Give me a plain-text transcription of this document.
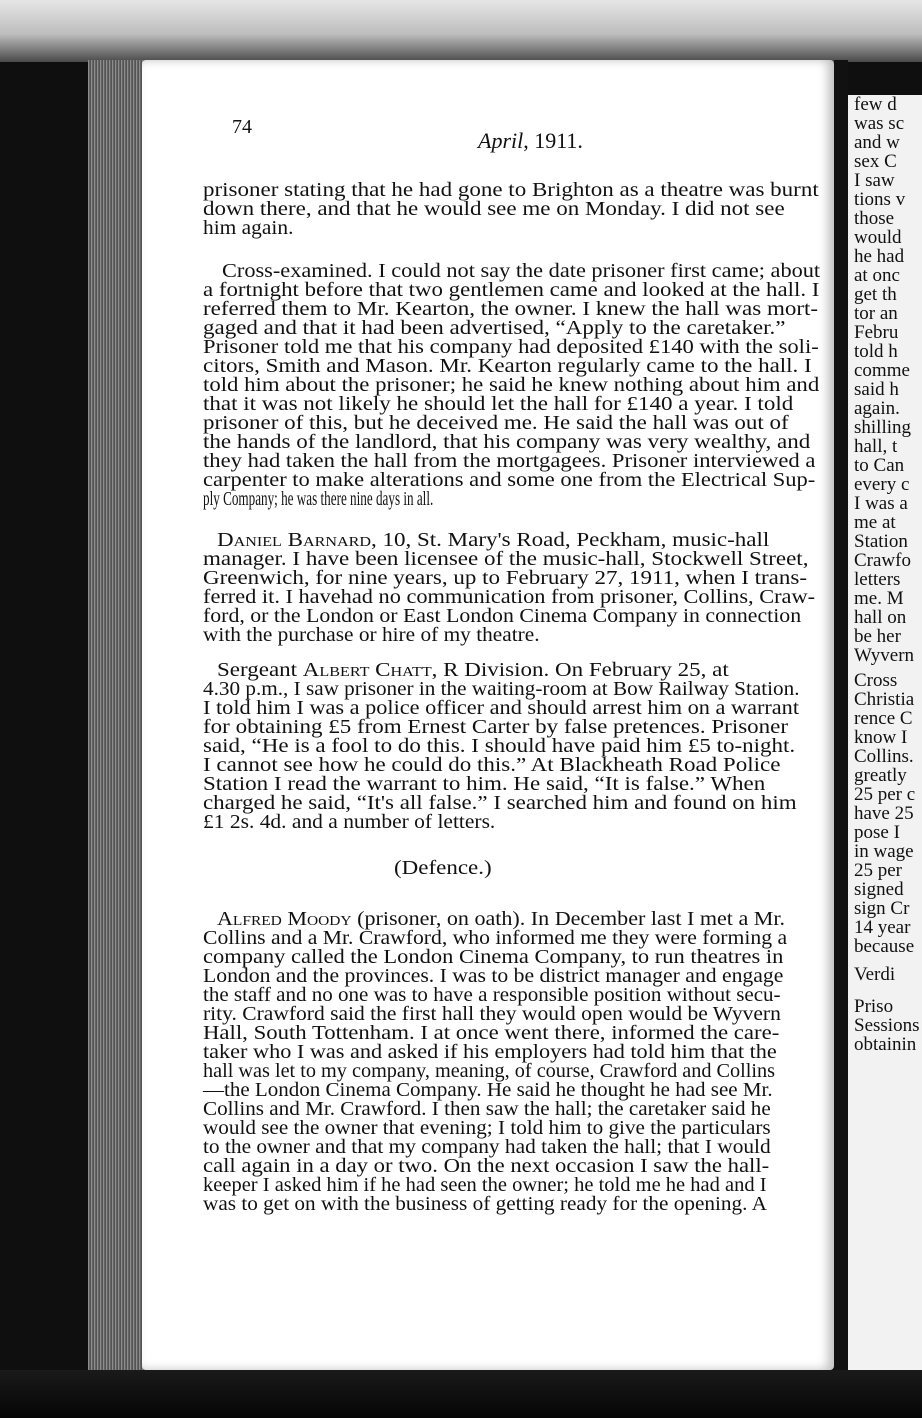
few d
was sc
and w
sex C
I saw
tions v
those
would
he had
at onc
get th
tor an
Febru
told h
comme
said h
again.
shilling
hall, t
to Can
every c
I was a
me at
Station
Crawfo
letters
me. M
hall on
be her
Wyvern
Cross
Christia
rence C
know I
Collins.
greatly
25 per c
have 25
pose I
in wage
25 per
signed
sign Cr
14 year
because
Verdi
Priso
Sessions
obtainin
74
April, 1911.
prisoner stating that he had gone to Brighton as a theatre was burnt
down there, and that he would see me on Monday. I did not see
him again.
Cross-examined. I could not say the date prisoner first came; about
a fortnight before that two gentlemen came and looked at the hall. I
referred them to Mr. Kearton, the owner. I knew the hall was mort-
gaged and that it had been advertised, “Apply to the caretaker.”
Prisoner told me that his company had deposited £140 with the soli-
citors, Smith and Mason. Mr. Kearton regularly came to the hall. I
told him about the prisoner; he said he knew nothing about him and
that it was not likely he should let the hall for £140 a year. I told
prisoner of this, but he deceived me. He said the hall was out of
the hands of the landlord, that his company was very wealthy, and
they had taken the hall from the mortgagees. Prisoner interviewed a
carpenter to make alterations and some one from the Electrical Sup-
ply Company; he was there nine days in all.
Daniel Barnard, 10, St. Mary's Road, Peckham, music-hall
manager. I have been licensee of the music-hall, Stockwell Street,
Greenwich, for nine years, up to February 27, 1911, when I trans-
ferred it. I havehad no communication from prisoner, Collins, Craw-
ford, or the London or East London Cinema Company in connection
with the purchase or hire of my theatre.
Sergeant Albert Chatt, R Division. On February 25, at
4.30 p.m., I saw prisoner in the waiting-room at Bow Railway Station.
I told him I was a police officer and should arrest him on a warrant
for obtaining £5 from Ernest Carter by false pretences. Prisoner
said, “He is a fool to do this. I should have paid him £5 to-night.
I cannot see how he could do this.” At Blackheath Road Police
Station I read the warrant to him. He said, “It is false.” When
charged he said, “It's all false.” I searched him and found on him
£1 2s. 4d. and a number of letters.
(Defence.)
Alfred Moody (prisoner, on oath). In December last I met a Mr.
Collins and a Mr. Crawford, who informed me they were forming a
company called the London Cinema Company, to run theatres in
London and the provinces. I was to be district manager and engage
the staff and no one was to have a responsible position without secu-
rity. Crawford said the first hall they would open would be Wyvern
Hall, South Tottenham. I at once went there, informed the care-
taker who I was and asked if his employers had told him that the
hall was let to my company, meaning, of course, Crawford and Collins
—the London Cinema Company. He said he thought he had see Mr.
Collins and Mr. Crawford. I then saw the hall; the caretaker said he
would see the owner that evening; I told him to give the particulars
to the owner and that my company had taken the hall; that I would
call again in a day or two. On the next occasion I saw the hall-
keeper I asked him if he had seen the owner; he told me he had and I
was to get on with the business of getting ready for the opening. A
